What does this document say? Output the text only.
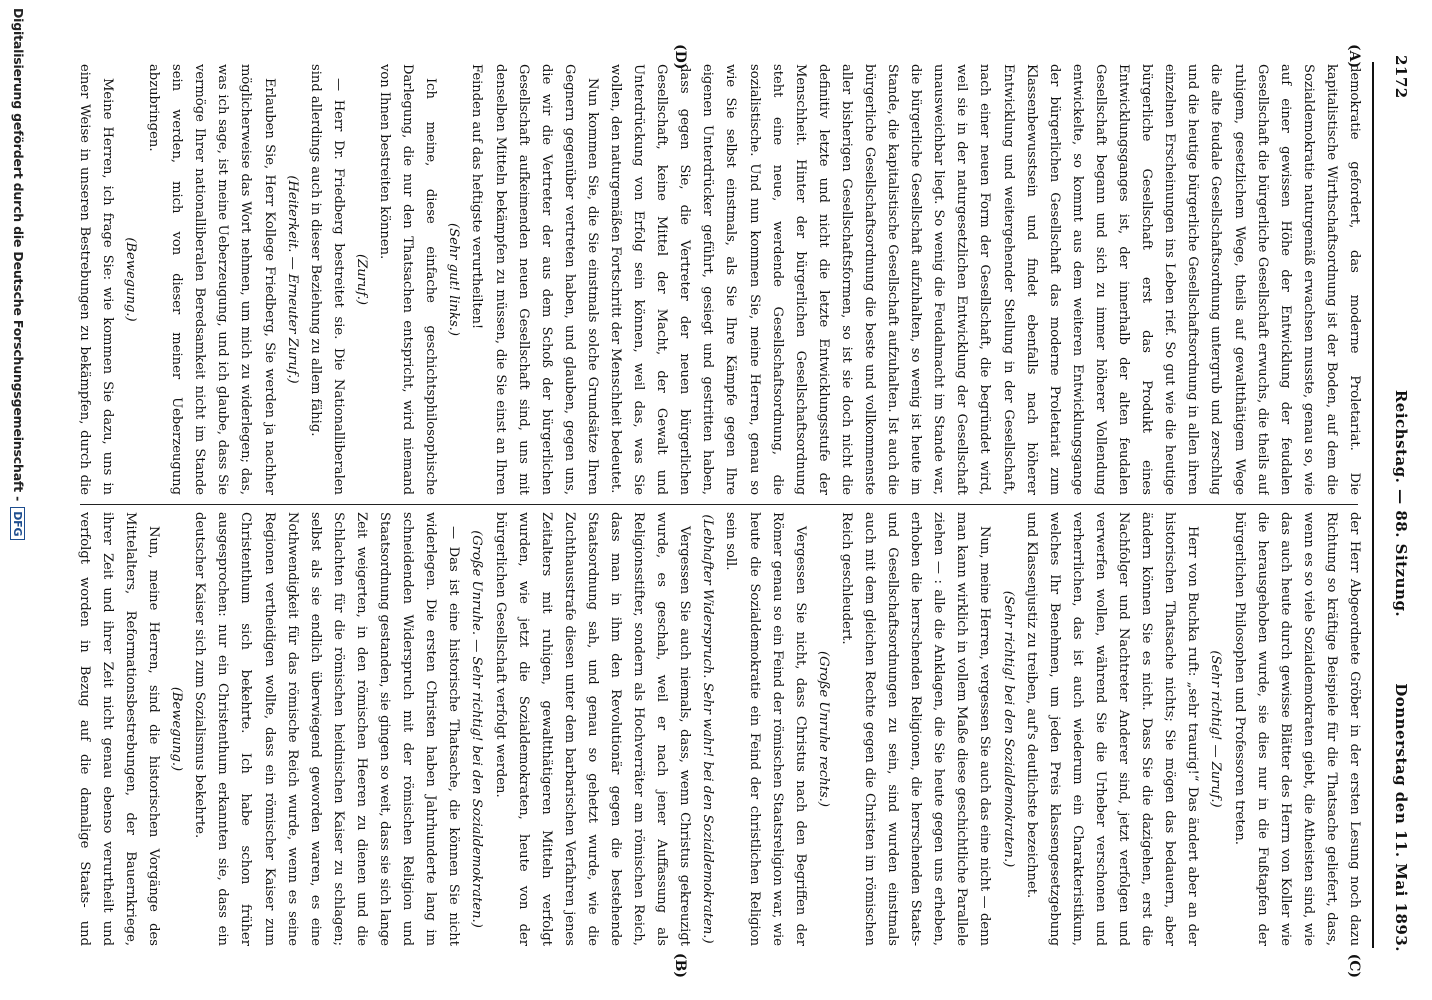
2172
Reichstag. — 88. Sitzung.
Donnerstag den 11. Mai 1893.
(A)
(D)
(C)
(B)

demokratie gefordert, das moderne Proletariat. Die kapitalistische Wirthschaftsordnung ist der Boden, auf dem die Sozialdemokratie naturgemäß erwachsen musste, genau so, wie auf einer gewissen Höhe der Entwicklung der feudalen Gesellschaft die bürgerliche Gesellschaft erwuchs, die theils auf ruhigem, gesetzlichem Wege, theils auf gewaltthätigem Wege die alte feudale Gesellschaftsordnung untergrub und zerschlug und die heutige bürgerliche Gesellschaftsordnung in allen ihren einzelnen Erscheinungen ins Leben rief. So gut wie die heutige bürgerliche Gesellschaft erst das Produkt eines Entwicklungsganges ist, der innerhalb der alten feudalen Gesellschaft begann und sich zu immer höherer Vollendung entwickelte, so kommt aus dem weiteren Entwicklungsgange der bürgerlichen Gesellschaft das moderne Proletariat zum Klassenbewusstsein und findet ebenfalls nach höherer Entwicklung und weitergehender Stellung in der Gesellschaft, nach einer neuen Form der Gesellschaft, die begründet wird, weil sie in der naturgesetzlichen Entwicklung der Gesellschaft unausweichbar liegt. So wenig die Feudalmacht im Stande war, die bürgerliche Gesellschaft aufzuhalten, so wenig ist heute im Stande, die kapitalistische Gesellschaft aufzuhalten. Ist auch die bürgerliche Gesellschaftsordnung die beste und vollkommenste aller bisherigen Gesellschaftsformen, so ist sie doch nicht die definitiv letzte und nicht die letzte Entwicklungsstufe der Menschheit. Hinter der bürgerlichen Gesellschaftsordnung steht eine neue, werdende Gesellschaftsordnung, die sozialistische. Und nun kommen Sie, meine Herren, genau so wie Sie selbst einstmals, als Sie Ihre Kämpfe gegen Ihre eigenen Unterdrücker geführt, gesiegt und gestritten haben, dass gegen Sie, die Vertreter der neuen bürgerlichen Gesellschaft, keine Mittel der Macht, der Gewalt und Unterdrückung von Erfolg sein können, weil das, was Sie wollen, den naturgemäßen Fortschritt der Menschheit bedeutet.

Nun kommen Sie, die Sie einstmals solche Grundsätze Ihren Gegnern gegenüber vertreten haben, und glauben, gegen uns, die wir die Vertreter der aus dem Schoß der bürgerlichen Gesellschaft aufkeimenden neuen Gesellschaft sind, uns mit denselben Mitteln bekämpfen zu müssen, die Sie einst an Ihren Feinden auf das heftigste verurtheilten!

(Sehr gut! links.)

Ich meine, diese einfache geschichtsphilosophische Darlegung, die nur den Thatsachen entspricht, wird niemand von Ihnen bestreiten können.

(Zuruf.)

— Herr Dr. Friedberg bestreitet sie. Die Nationalliberalen sind allerdings auch in dieser Beziehung zu allem fähig.

(Heiterkeit. — Erneuter Zuruf.)

Erlauben Sie, Herr Kollege Friedberg, Sie werden ja nachher möglicherweise das Wort nehmen, um mich zu widerlegen; das, was ich sage, ist meine Ueberzeugung, und ich glaube, dass Sie vermöge Ihrer nationalliberalen Beredsamkeit nicht im Stande sein werden, mich von dieser meiner Ueberzeugung abzubringen.

(Bewegung.)

Meine Herren, ich frage Sie: wie kommen Sie dazu, uns in einer Weise in unseren Bestrebungen zu bekämpfen, durch die

der Herr Abgeordnete Gröber in der ersten Lesung noch dazu Richtung so kräftige Beispiele für die Thatsache geliefert, dass, wenn es so viele Sozialdemokraten giebt, die Atheisten sind, wie das auch heute durch gewisse Blätter des Herrn von Koller wie die herausgehoben wurde, sie dies nur in die Fußtapfen der bürgerlichen Philosophen und Professoren treten.

(Sehr richtig! — Zuruf.)

Herr von Buchka ruft: „sehr traurig!“ Das ändert aber an der historischen Thatsache nichts; Sie mögen das bedauern, aber ändern können Sie es nicht. Dass Sie die dazigehen, erst die Nachfolger und Nachtreter Anderer sind, jetzt verfolgen und verwerfen wollen, während Sie die Urheber verschonen und verherrlichen, das ist auch wiederum ein Charakteristikum, welches Ihr Benehmen, um jeden Preis klassengesetzgebung und Klassenjustiz zu treiben, auf's deutlichste bezeichnet.

(Sehr richtig! bei den Sozialdemokraten.)

Nun, meine Herren, vergessen Sie auch das eine nicht — denn man kann wirklich in vollem Maße diese geschichtliche Parallele ziehen — : alle die Anklagen, die Sie heute gegen uns erheben, erhoben die herrschenden Religionen, die herrschenden Staats- und Gesellschaftsordnungen zu sein, sind wurden einstmals auch mit dem gleichen Rechte gegen die Christen im römischen Reich geschleudert.

(Große Unruhe rechts.)

Vergessen Sie nicht, dass Christus nach den Begriffen der Römer genau so ein Feind der römischen Staatsreligion war, wie heute die Sozialdemokratie ein Feind der christlichen Religion sein soll.

(Lebhafter Widerspruch. Sehr wahr! bei den Sozialdemokraten.)

Vergessen Sie auch niemals, dass, wenn Christus gekreuzigt wurde, es geschah, weil er nach jener Auffassung als Religionsstifter, sondern als Hochverräter am römischen Reich, dass man in ihm den Revolutionär gegen die bestehende Staatsordnung sah, und genau so gehetzt wurde, wie die Zuchthausstrafe diesen unter dem barbarischen Verfahren jenes Zeitalters mit ruhigen, gewaltthätigeren Mitteln verfolgt wurden, wie jetzt die Sozialdemokraten, heute von der bürgerlichen Gesellschaft verfolgt werden.

(Große Unruhe. — Sehr richtig! bei den Sozialdemokraten.)

— Das ist eine historische Thatsache, die können Sie nicht widerlegen. Die ersten Christen haben Jahrhunderte lang im schneidenden Widerspruch mit der römischen Religion und Staatsordnung gestanden, sie gingen so weit, dass sie sich lange Zeit weigerten, in den römischen Heeren zu dienen und die Schlachten für die römischen heidnischen Kaiser zu schlagen; selbst als sie endlich überwiegend geworden waren, es eine Nothwendigkeit für das römische Reich wurde, wenn es seine Regionen vertheidigen wollte, dass ein römischer Kaiser zum Christenthum sich bekehrte. Ich habe schon früher ausgesprochen: nur ein Christenthum erkannten sie, dass ein deutscher Kaiser sich zum Sozialismus bekehrte.

(Bewegung.)

Nun, meine Herren, sind die historischen Vorgänge des Mittelalters, Reformationsbestrebungen, der Bauernkriege, ihrer Zeit und ihrer Zeit nicht genau ebenso verurtheilt und verfolgt worden in Bezug auf die damalige Staats- und

Digitalisierung gefördert durch die Deutsche Forschungsgemeinschaft - DFG
